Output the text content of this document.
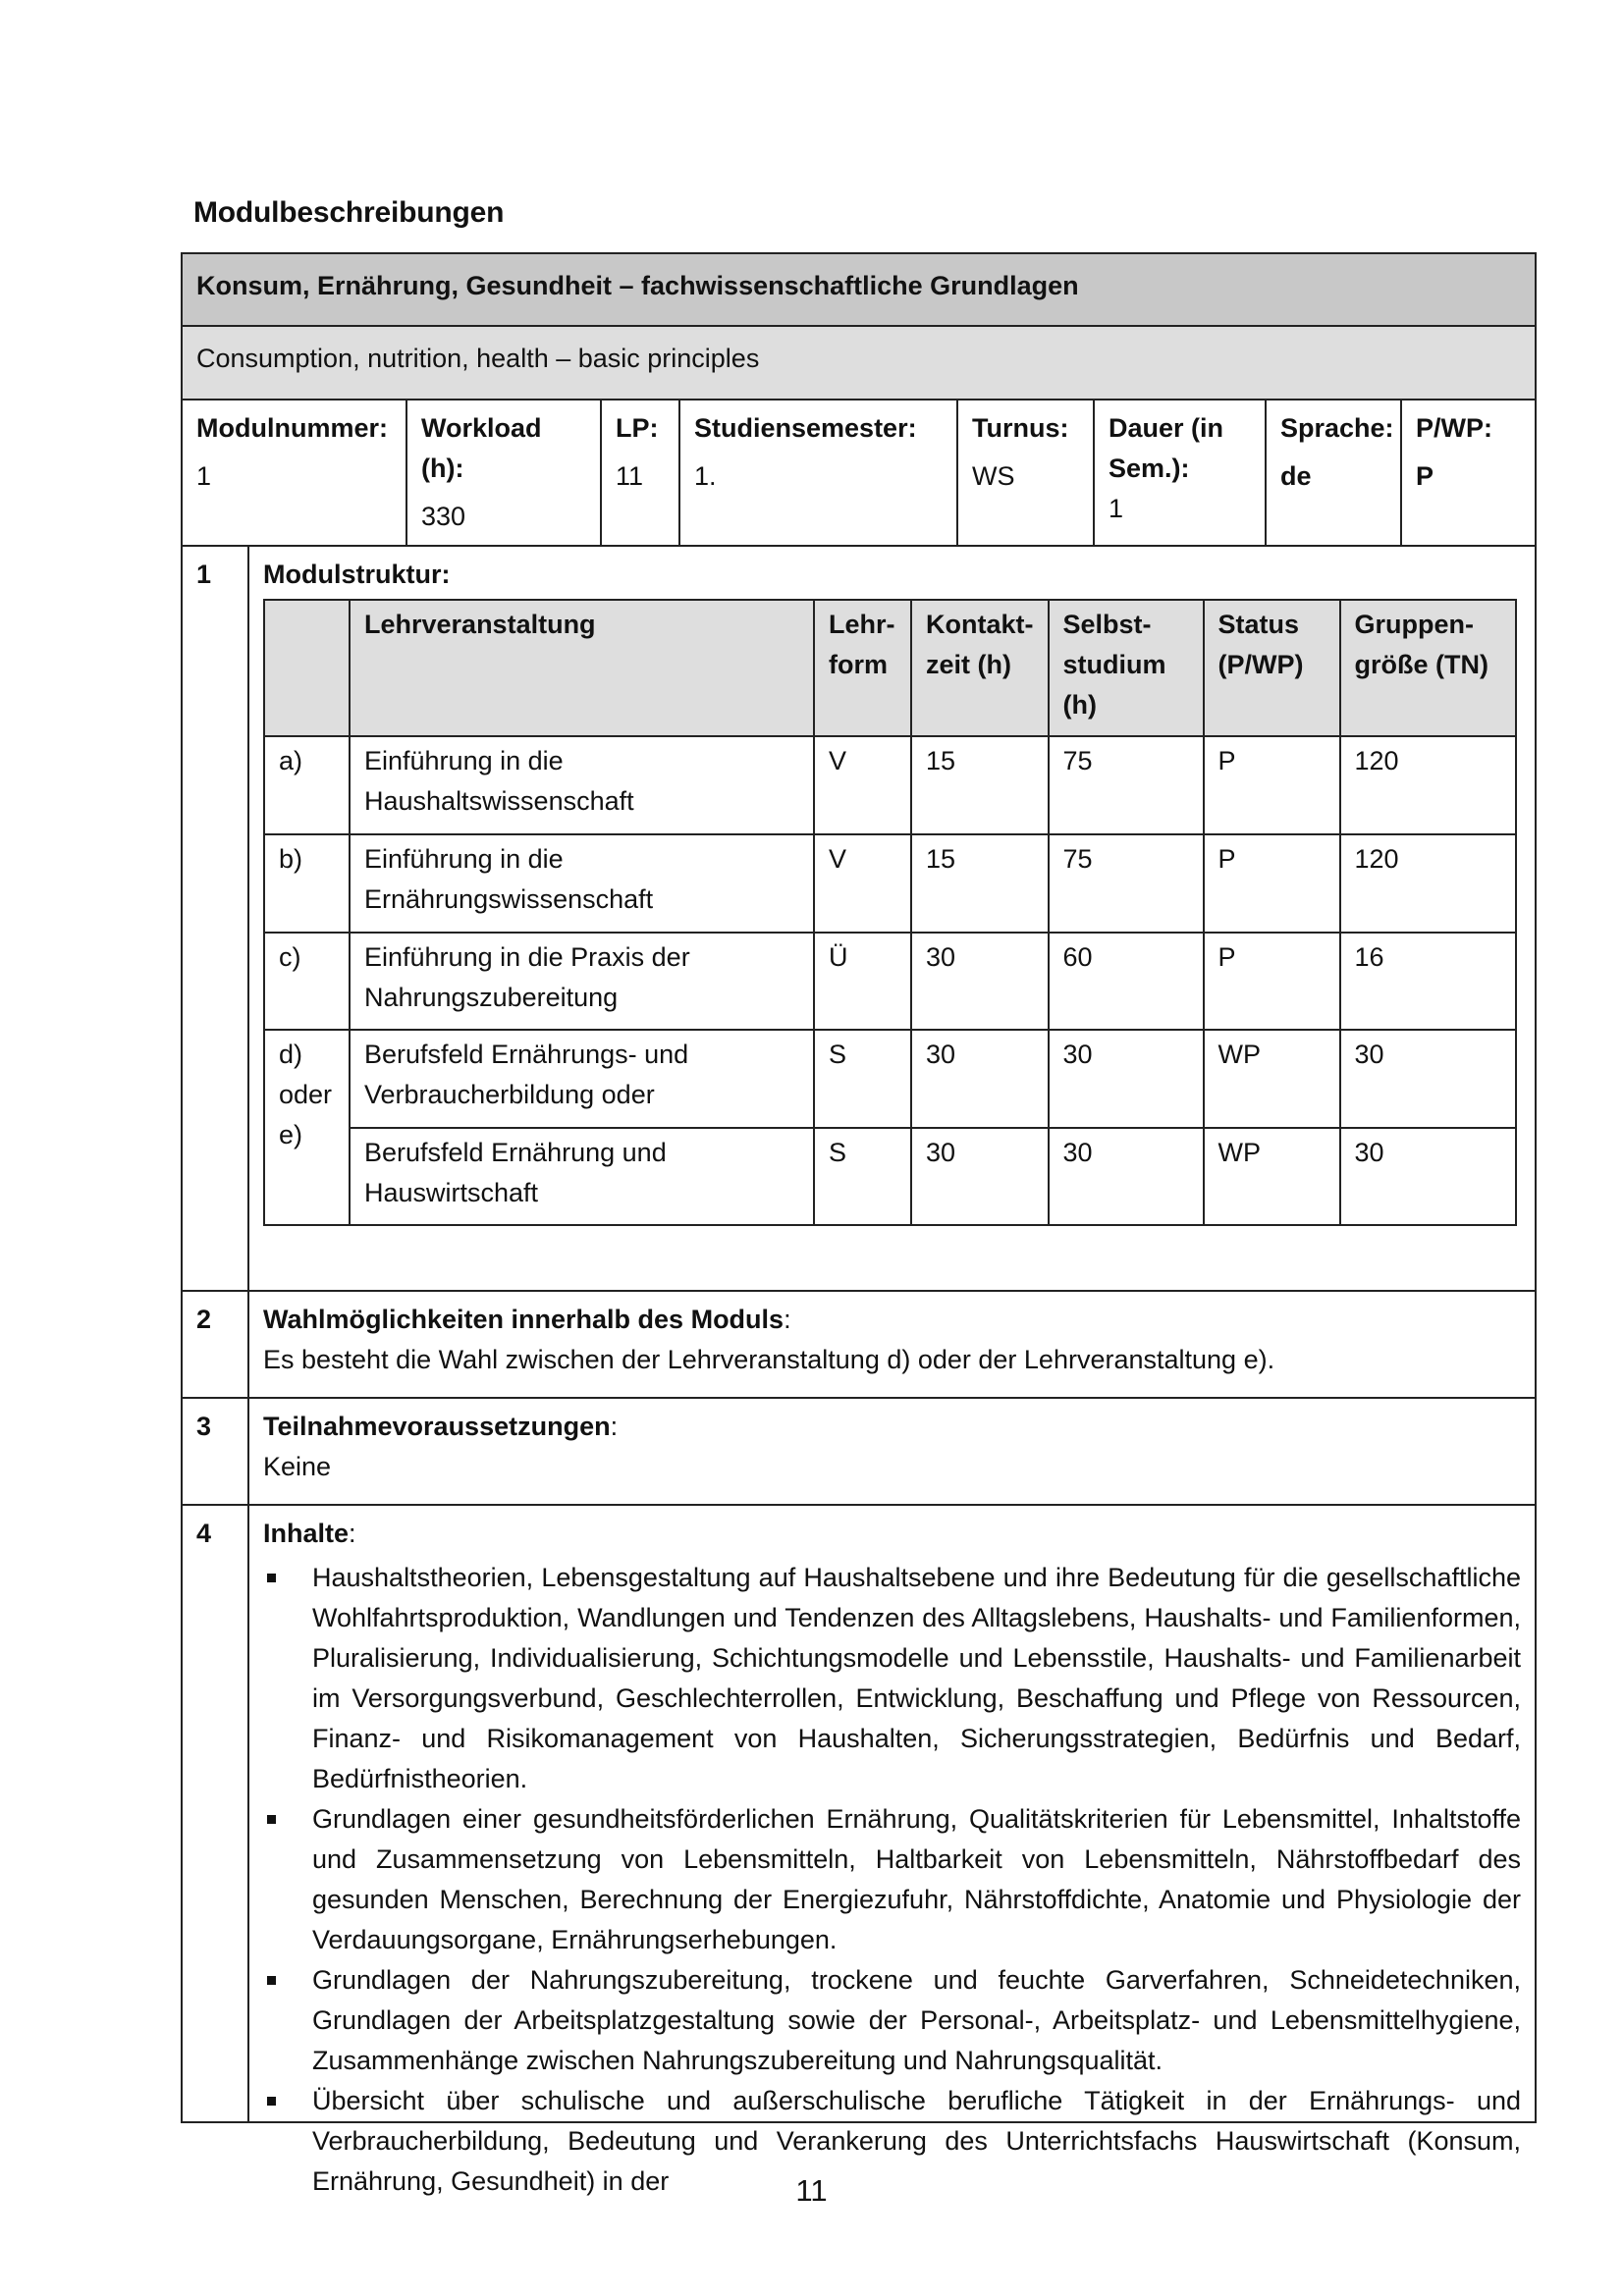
Modulbeschreibungen
Konsum, Ernährung, Gesundheit – fachwissenschaftliche Grundlagen
Consumption, nutrition, health – basic principles
Modulnummer:
1
Workload (h):
330
LP:
11
Studiensemester:
1.
Turnus:
WS
Dauer (in Sem.):
1
Sprache:
de
P/WP:
P
1	Modulstruktur:
	Lehrveranstaltung	Lehr-form	Kontakt-zeit (h)	Selbst-studium (h)	Status (P/WP)	Gruppen-größe (TN)
a)	Einführung in die Haushaltswissenschaft	V	15	75	P	120
b)	Einführung in die Ernährungswissenschaft	V	15	75	P	120
c)	Einführung in die Praxis der Nahrungszubereitung	Ü	30	60	P	16

d)
oder
e)	Berufsfeld Ernährungs- und Verbraucherbildung oder	S	30	30	WP	30
	Berufsfeld Ernährung und Hauswirtschaft	S	30	30	WP	30
2	Wahlmöglichkeiten innerhalb des Moduls:
Es besteht die Wahl zwischen der Lehrveranstaltung d) oder der Lehrveranstaltung e).
3	Teilnahmevoraussetzungen:
Keine
4	Inhalte:
Haushaltstheorien, Lebensgestaltung auf Haushaltsebene und ihre Bedeutung für die gesellschaftliche Wohlfahrtsproduktion, Wandlungen und Tendenzen des Alltagslebens, Haushalts- und Familienformen, Pluralisierung, Individualisierung, Schichtungsmodelle und Lebensstile, Haushalts- und Familienarbeit im Versorgungsverbund, Geschlechterrollen, Entwicklung, Beschaffung und Pflege von Ressourcen, Finanz- und Risikomanagement von Haushalten, Sicherungsstrategien, Bedürfnis und Bedarf, Bedürfnistheorien.
Grundlagen einer gesundheitsförderlichen Ernährung, Qualitätskriterien für Lebensmittel, Inhaltstoffe und Zusammensetzung von Lebensmitteln, Haltbarkeit von Lebensmitteln, Nährstoffbedarf des gesunden Menschen, Berechnung der Energiezufuhr, Nährstoffdichte, Anatomie und Physiologie der Verdauungsorgane, Ernährungserhebungen.
Grundlagen der Nahrungszubereitung, trockene und feuchte Garverfahren, Schneidetechniken, Grundlagen der Arbeitsplatzgestaltung sowie der Personal-, Arbeitsplatz- und Lebensmittelhygiene, Zusammenhänge zwischen Nahrungszubereitung und Nahrungsqualität.
Übersicht über schulische und außerschulische berufliche Tätigkeit in der Ernährungs- und Verbraucherbildung, Bedeutung und Verankerung des Unterrichtsfachs Hauswirtschaft (Konsum, Ernährung, Gesundheit) in der	11
